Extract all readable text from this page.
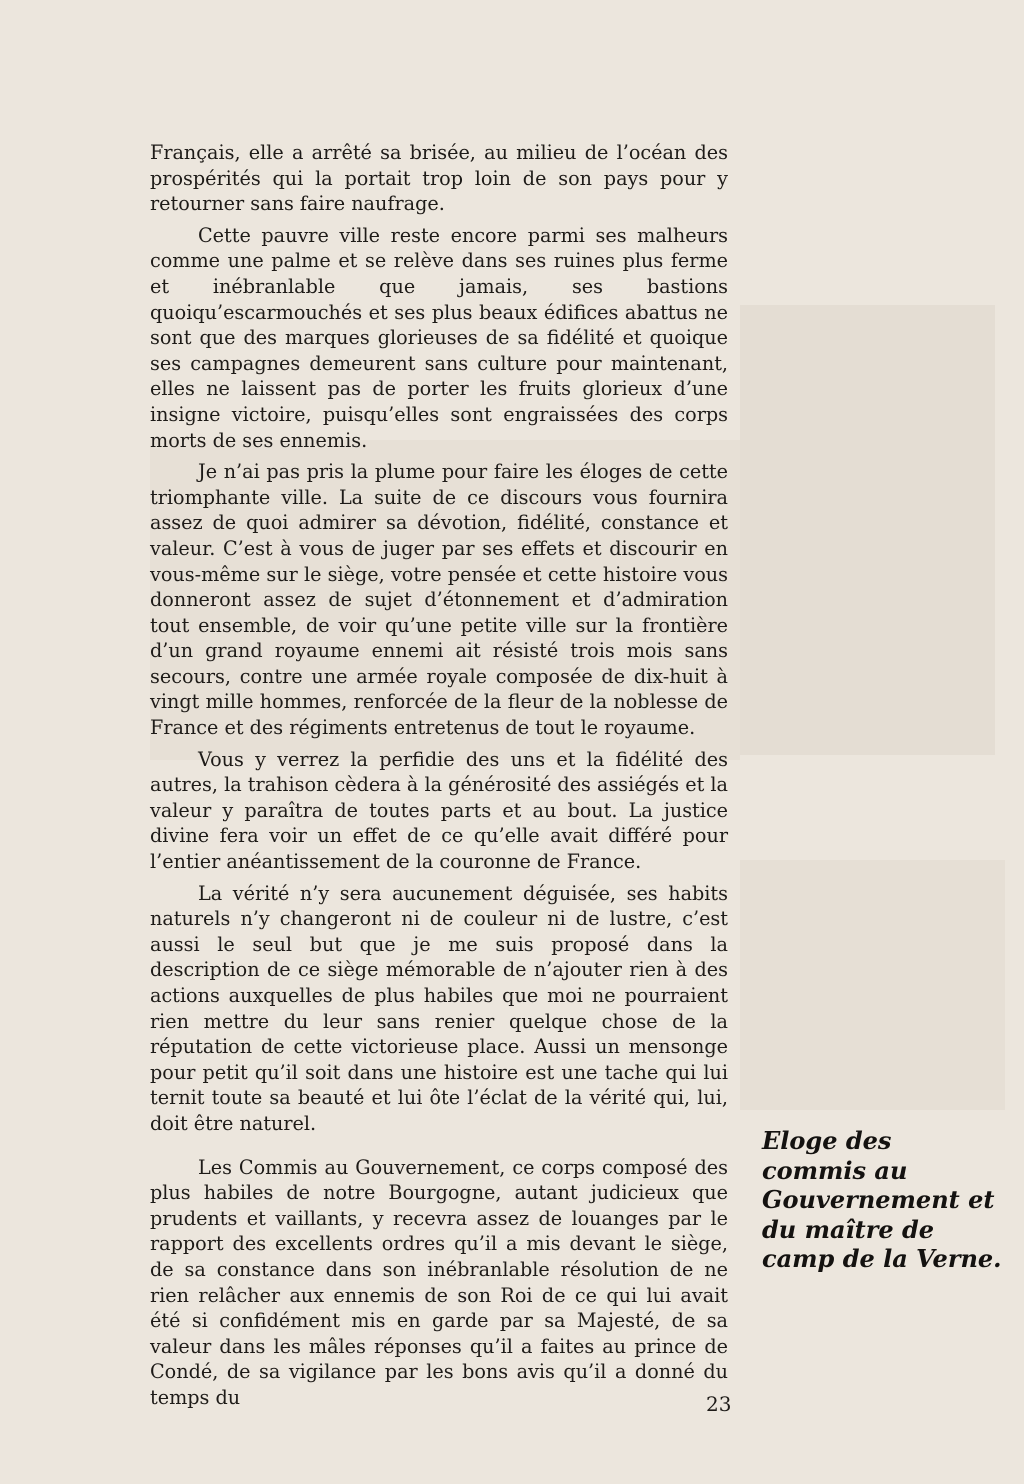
Français, elle a arrêté sa brisée, au milieu de l’océan des prospérités qui la portait trop loin de son pays pour y retourner sans faire naufrage.

Cette pauvre ville reste encore parmi ses malheurs comme une palme et se relève dans ses ruines plus ferme et inébranlable que jamais, ses bastions quoiqu’escarmouchés et ses plus beaux édifices abattus ne sont que des marques glorieuses de sa fidélité et quoique ses campagnes demeurent sans culture pour maintenant, elles ne laissent pas de porter les fruits glorieux d’une insigne victoire, puisqu’elles sont engraissées des corps morts de ses ennemis.

Je n’ai pas pris la plume pour faire les éloges de cette triomphante ville. La suite de ce discours vous fournira assez de quoi admirer sa dévotion, fidélité, constance et valeur. C’est à vous de juger par ses effets et discourir en vous-même sur le siège, votre pensée et cette histoire vous donneront assez de sujet d’étonnement et d’admiration tout ensemble, de voir qu’une petite ville sur la frontière d’un grand royaume ennemi ait résisté trois mois sans secours, contre une armée royale composée de dix-huit à vingt mille hommes, renforcée de la fleur de la noblesse de France et des régiments entretenus de tout le royaume.

Vous y verrez la perfidie des uns et la fidélité des autres, la trahison cèdera à la générosité des assiégés et la valeur y paraîtra de toutes parts et au bout. La justice divine fera voir un effet de ce qu’elle avait différé pour l’entier anéantissement de la couronne de France.

La vérité n’y sera aucunement déguisée, ses habits naturels n’y changeront ni de couleur ni de lustre, c’est aussi le seul but que je me suis proposé dans la description de ce siège mémorable de n’ajouter rien à des actions auxquelles de plus habiles que moi ne pourraient rien mettre du leur sans renier quelque chose de la réputation de cette victorieuse place. Aussi un mensonge pour petit qu’il soit dans une histoire est une tache qui lui ternit toute sa beauté et lui ôte l’éclat de la vérité qui, lui, doit être naturel.

Les Commis au Gouvernement, ce corps composé des plus habiles de notre Bourgogne, autant judicieux que prudents et vaillants, y recevra assez de louanges par le rapport des excellents ordres qu’il a mis devant le siège, de sa constance dans son inébranlable résolution de ne rien relâcher aux ennemis de son Roi de ce qui lui avait été si confidément mis en garde par sa Majesté, de sa valeur dans les mâles réponses qu’il a faites au prince de Condé, de sa vigilance par les bons avis qu’il a donné du temps du

Eloge des commis au Gouvernement et du maître de camp de la Verne.
23
